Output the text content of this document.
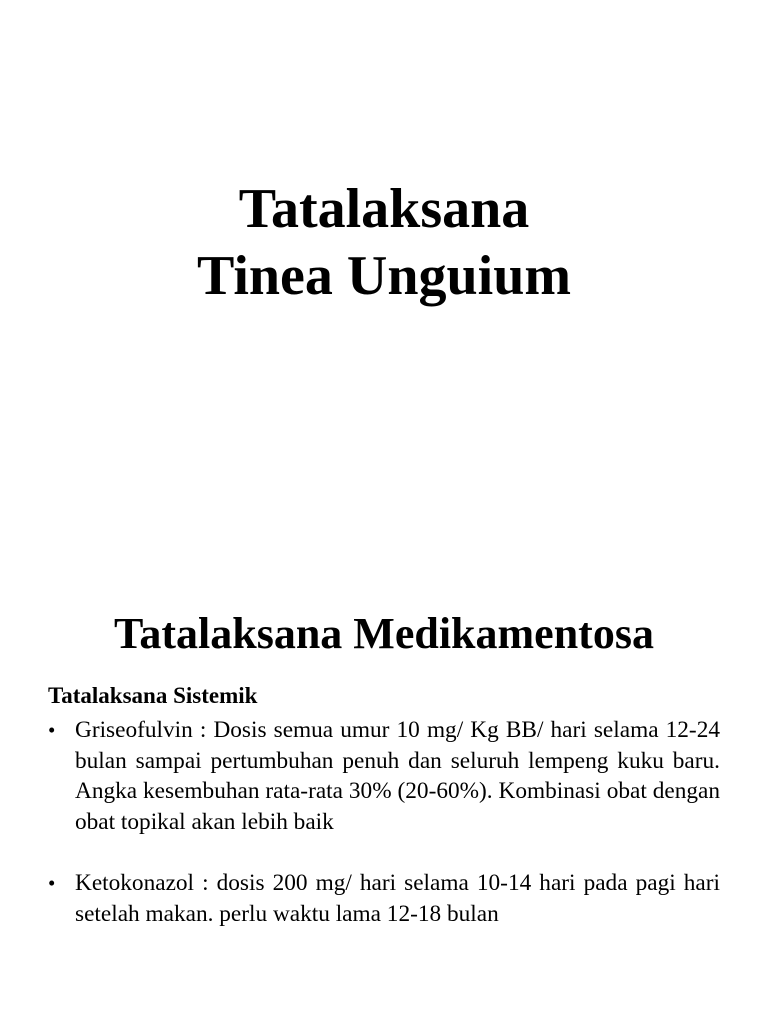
Tatalaksana
Tinea Unguium
Tatalaksana Medikamentosa
Tatalaksana Sistemik
• Griseofulvin : Dosis semua umur 10 mg/ Kg BB/ hari selama 12-24 bulan sampai pertumbuhan penuh dan seluruh lempeng kuku baru. Angka kesembuhan rata-rata 30% (20-60%). Kombinasi obat dengan obat topikal akan lebih baik
• Ketokonazol : dosis 200 mg/ hari selama 10-14 hari pada pagi hari setelah makan. perlu waktu lama 12-18 bulan
